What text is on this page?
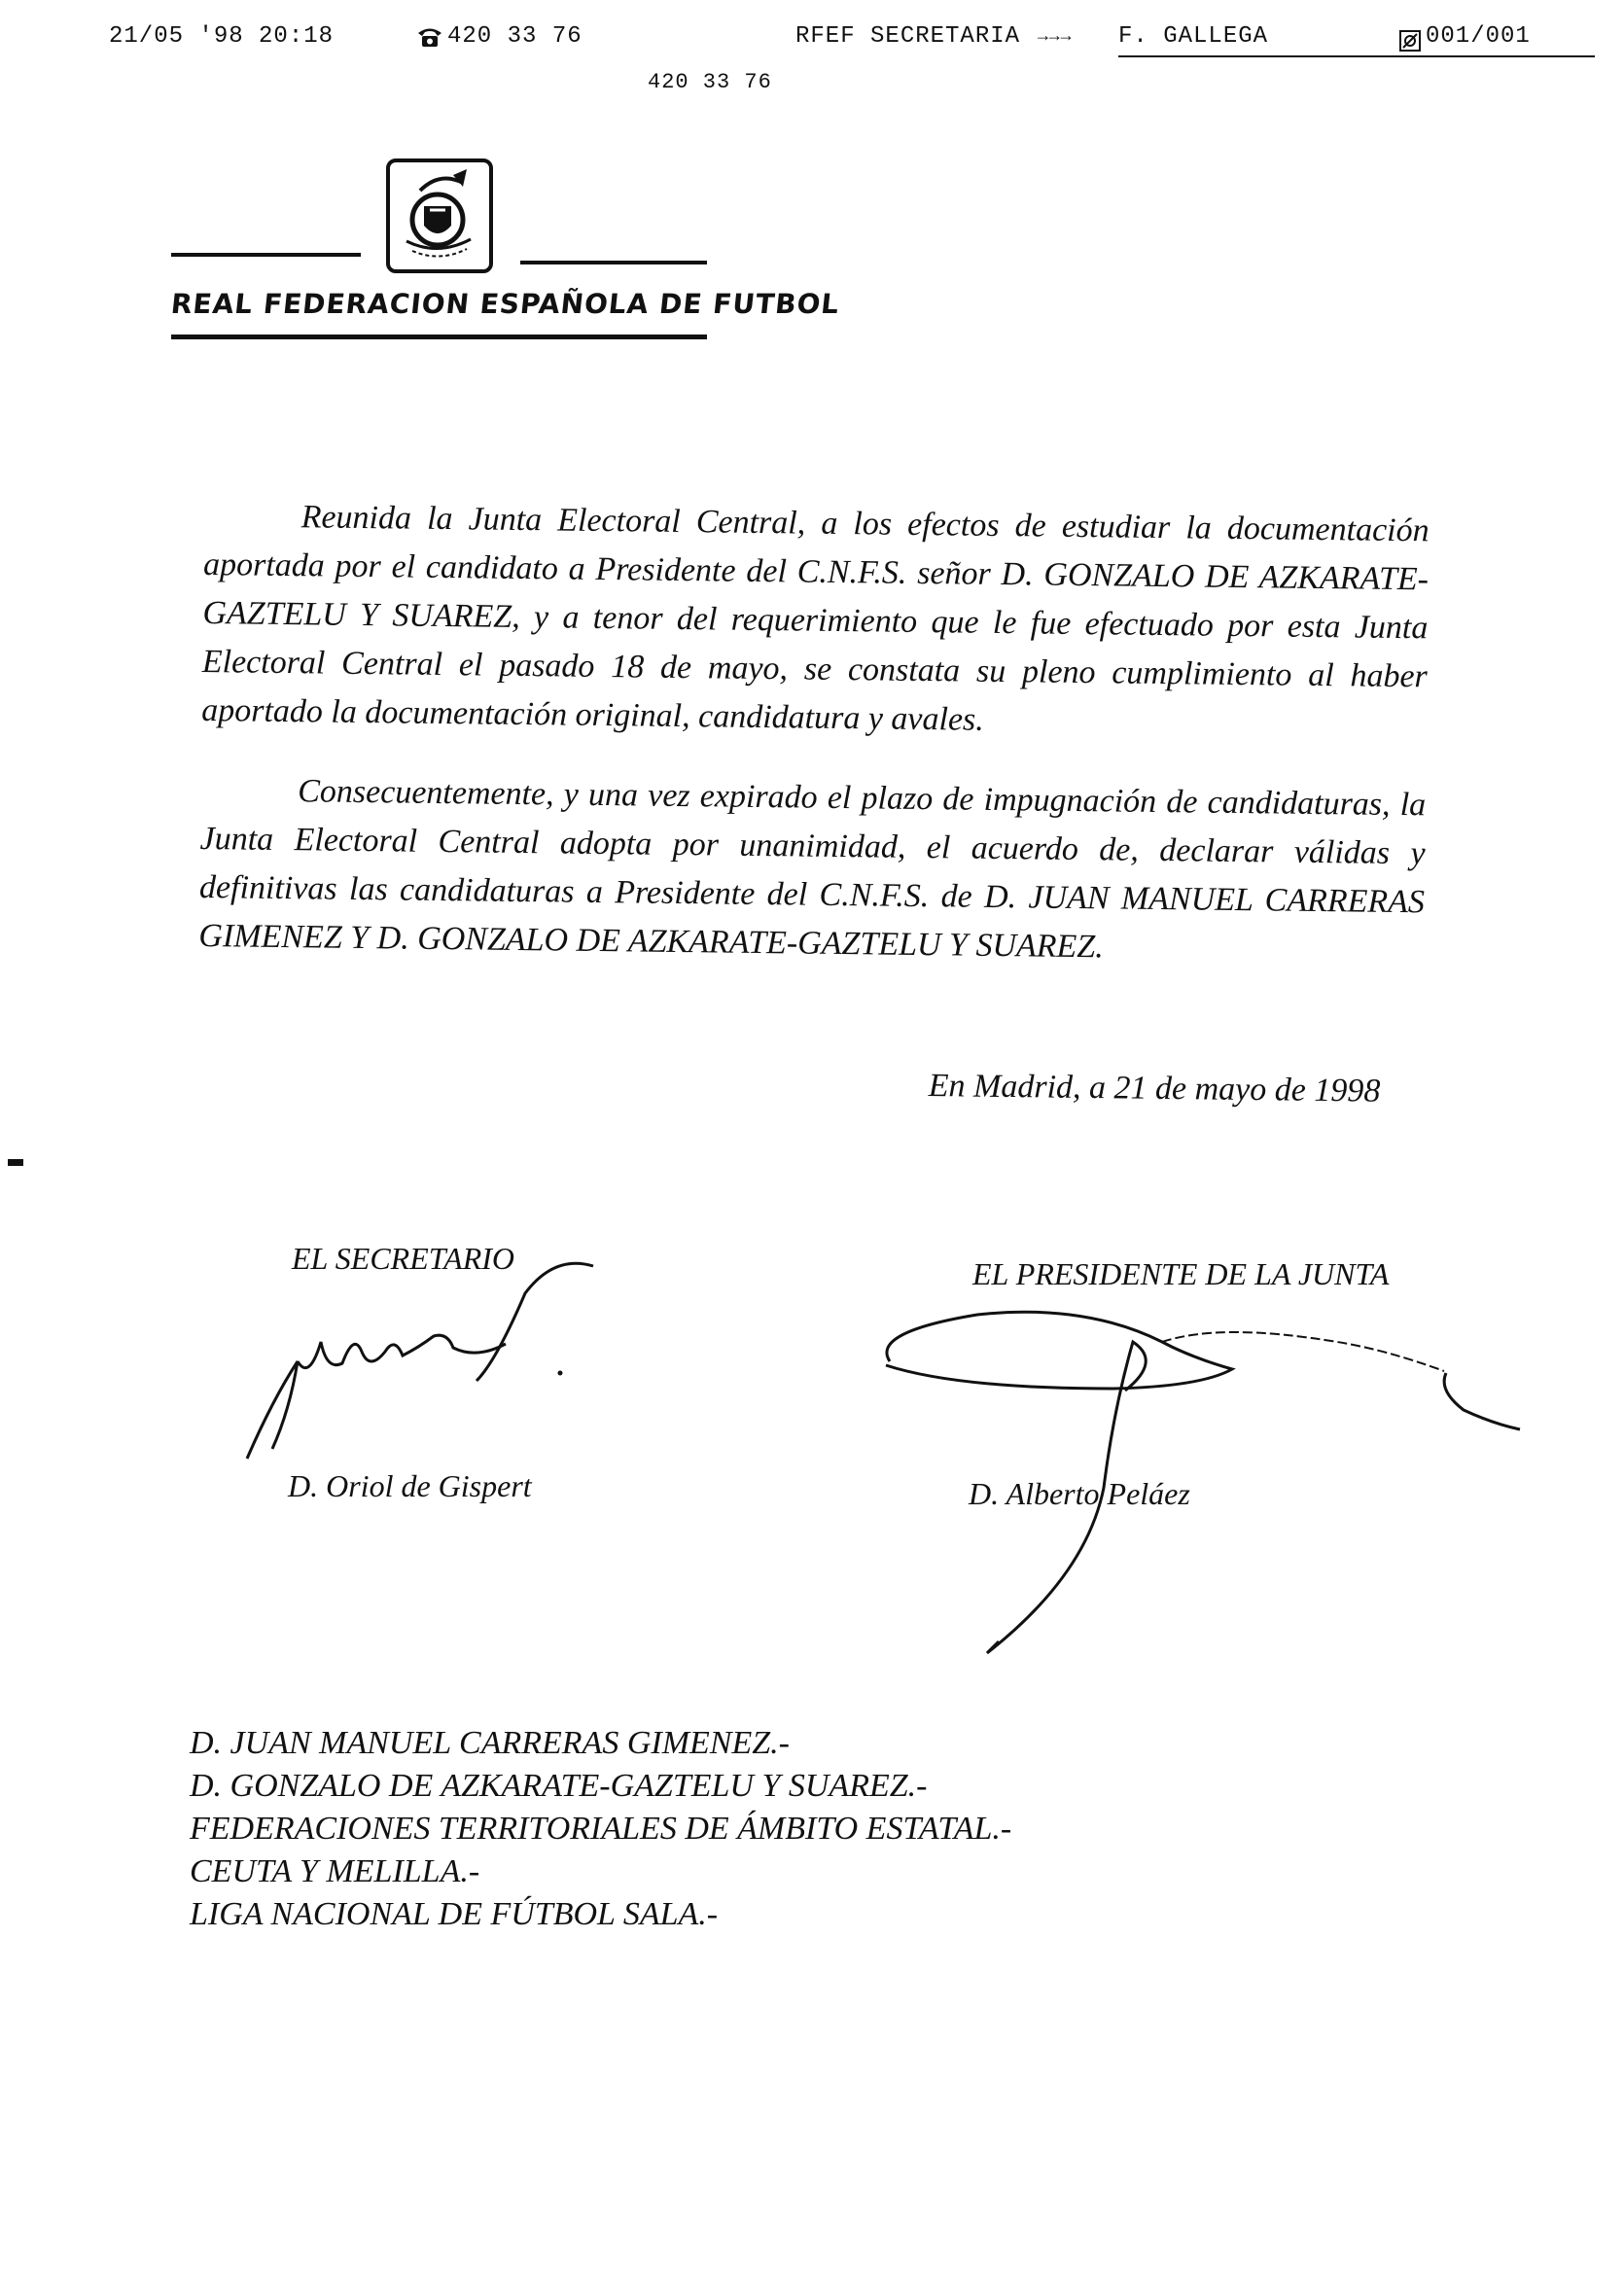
21/05 '98 20:18	420 33 76	RFEF SECRETARIA →→→ F. GALLEGA	001/001
420 33 76
REAL FEDERACION ESPAÑOLA DE FUTBOL

Reunida la Junta Electoral Central, a los efectos de estudiar la documentación aportada por el candidato a Presidente del C.N.F.S. señor D. GONZALO DE AZKARATE-GAZTELU Y SUAREZ, y a tenor del requerimiento que le fue efectuado por esta Junta Electoral Central el pasado 18 de mayo, se constata su pleno cumplimiento al haber aportado la documentación original, candidatura y avales.

Consecuentemente, y una vez expirado el plazo de impugnación de candidaturas, la Junta Electoral Central adopta por unanimidad, el acuerdo de, declarar válidas y definitivas las candidaturas a Presidente del C.N.F.S. de D. JUAN MANUEL CARRERAS GIMENEZ Y D. GONZALO DE AZKARATE-GAZTELU Y SUAREZ.

En Madrid, a 21 de mayo de 1998
EL SECRETARIO
D. Oriol de Gispert
EL PRESIDENTE DE LA JUNTA
D. Alberto Peláez
D. JUAN MANUEL CARRERAS GIMENEZ.-
D. GONZALO DE AZKARATE-GAZTELU Y SUAREZ.-
FEDERACIONES TERRITORIALES DE ÁMBITO ESTATAL.-
CEUTA Y MELILLA.-
LIGA NACIONAL DE FÚTBOL SALA.-
